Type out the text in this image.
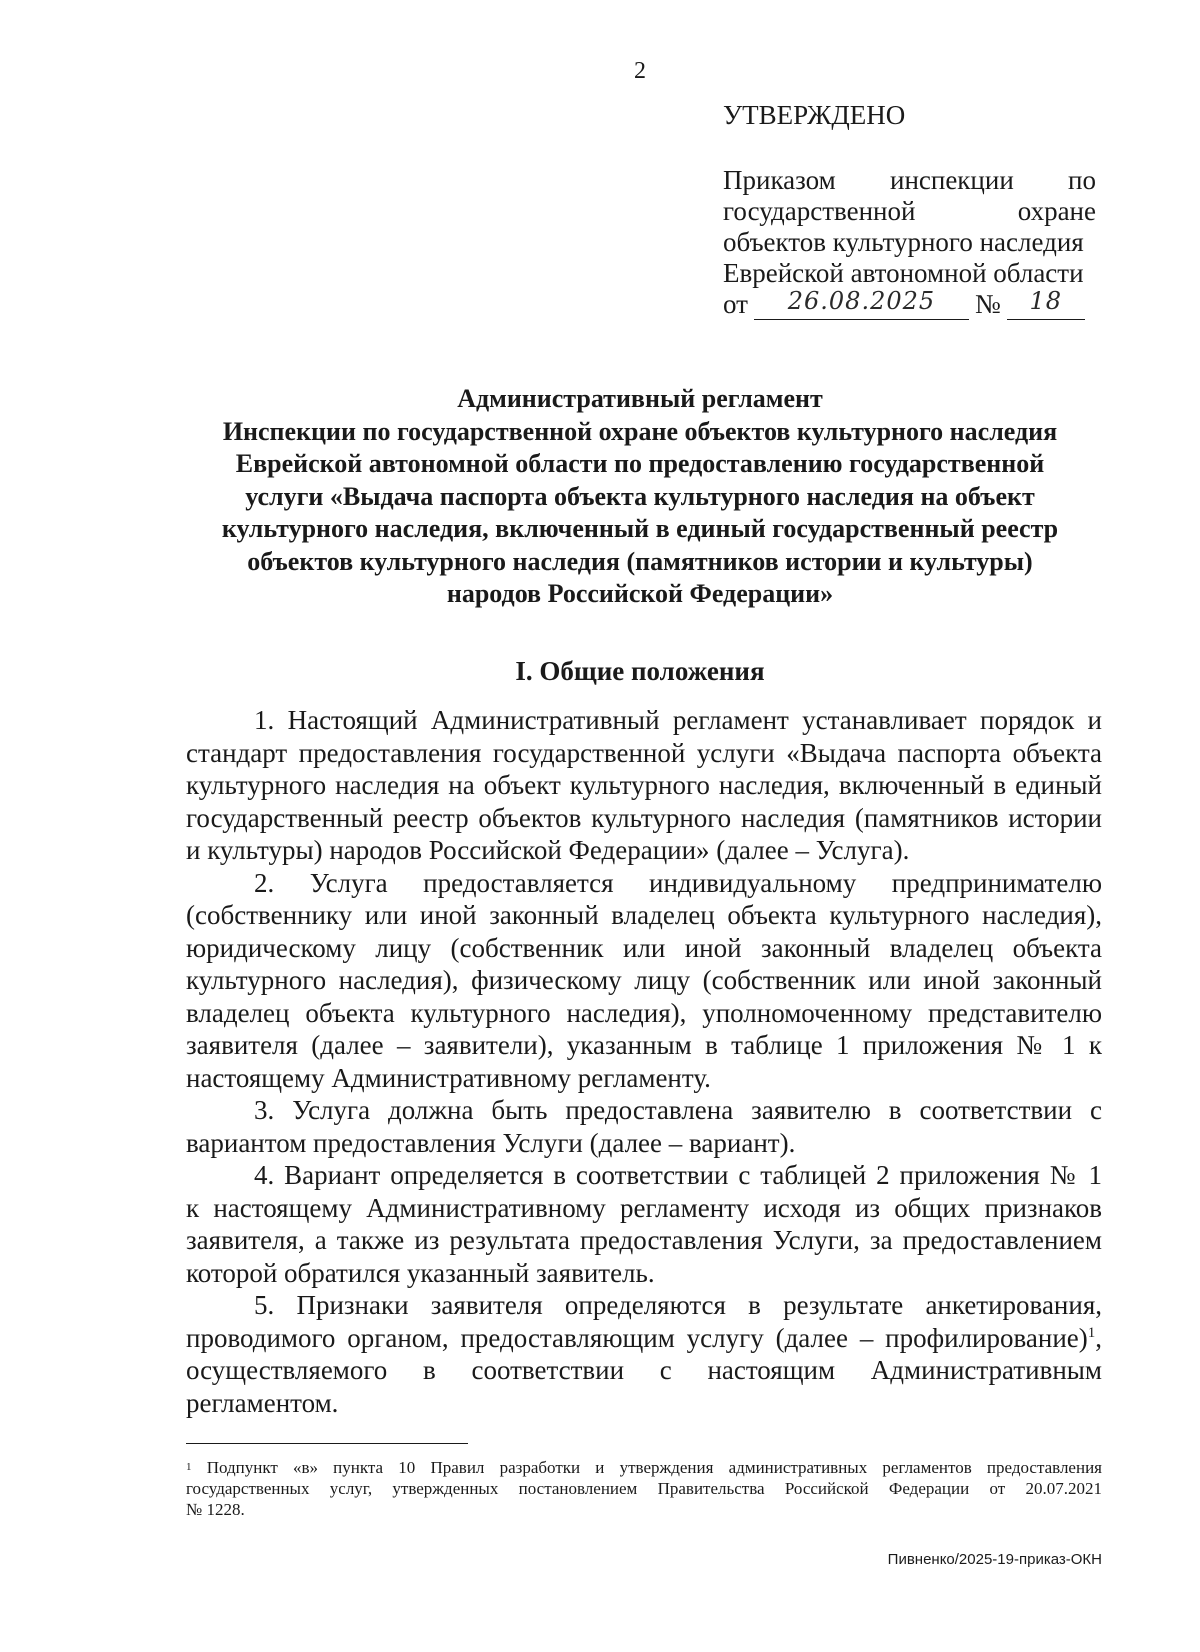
2
УТВЕРЖДЕНО
Приказом инспекции по
государственной охране
объектов культурного наследия
Еврейской автономной области
от	26.08.2025	№	18
Административный регламент
Инспекции по государственной охране объектов культурного наследия
Еврейской автономной области по предоставлению государственной
услуги «Выдача паспорта объекта культурного наследия на объект
культурного наследия, включенный в единый государственный реестр
объектов культурного наследия (памятников истории и культуры)
народов Российской Федерации»
I. Общие положения
1. Настоящий Административный регламент устанавливает порядок и
стандарт предоставления государственной услуги «Выдача паспорта объекта
культурного наследия на объект культурного наследия, включенный в единый
государственный реестр объектов культурного наследия (памятников истории
и культуры) народов Российской Федерации» (далее – Услуга).
2. Услуга предоставляется индивидуальному предпринимателю
(собственнику или иной законный владелец объекта культурного наследия),
юридическому лицу (собственник или иной законный владелец объекта
культурного наследия), физическому лицу (собственник или иной законный
владелец объекта культурного наследия), уполномоченному представителю
заявителя (далее – заявители), указанным в таблице 1 приложения № 1 к
настоящему Административному регламенту.
3. Услуга должна быть предоставлена заявителю в соответствии с
вариантом предоставления Услуги (далее – вариант).
4. Вариант определяется в соответствии с таблицей 2 приложения № 1
к настоящему Административному регламенту исходя из общих признаков
заявителя, а также из результата предоставления Услуги, за предоставлением
которой обратился указанный заявитель.
5. Признаки заявителя определяются в результате анкетирования,
проводимого органом, предоставляющим услугу (далее – профилирование)$^1$,
осуществляемого в соответствии с настоящим Административным
регламентом.
$^1$ Подпункт «в» пункта 10 Правил разработки и утверждения административных регламентов предоставления
государственных услуг, утвержденных постановлением Правительства Российской Федерации от 20.07.2021
№ 1228.
Пивненко/2025-19-приказ-ОКН
